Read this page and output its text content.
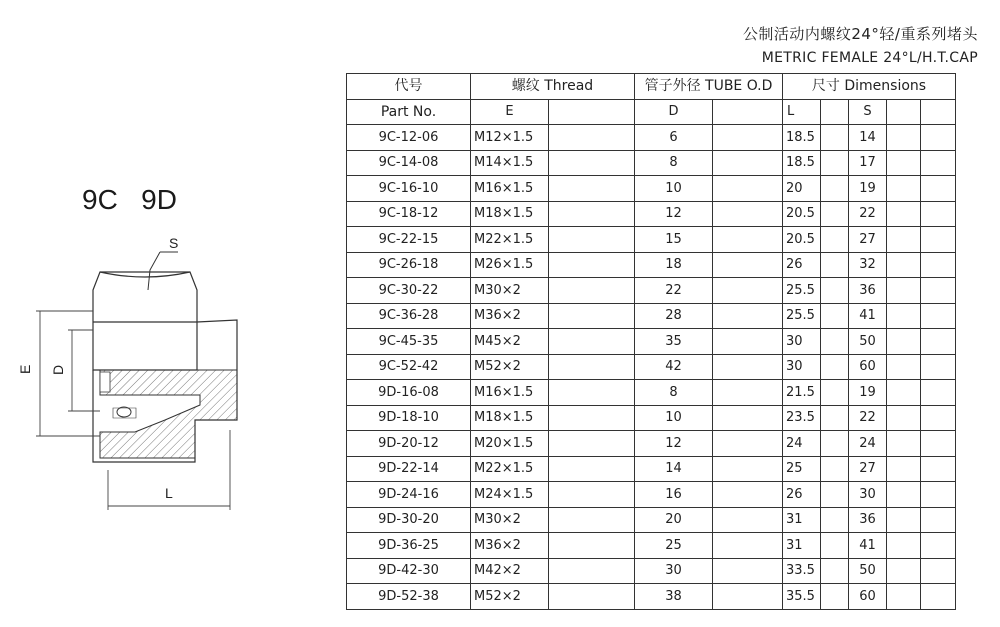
公制活动内螺纹24°轻/重系列堵头
METRIC FEMALE 24°L/H.T.CAP
9C   9D
S
E D
L
代号	螺纹 Thread		管子外径 TUBE O.D		尺寸 Dimensions				
Part No.	E		D		L		S		
9C-12-06	M12×1.5		6		18.5		14		
9C-14-08	M14×1.5		8		18.5		17		
9C-16-10	M16×1.5		10		20		19		
9C-18-12	M18×1.5		12		20.5		22		
9C-22-15	M22×1.5		15		20.5		27		
9C-26-18	M26×1.5		18		26		32		
9C-30-22	M30×2		22		25.5		36		
9C-36-28	M36×2		28		25.5		41		
9C-45-35	M45×2		35		30		50		
9C-52-42	M52×2		42		30		60		
9D-16-08	M16×1.5		8		21.5		19		
9D-18-10	M18×1.5		10		23.5		22		
9D-20-12	M20×1.5		12		24		24		
9D-22-14	M22×1.5		14		25		27		
9D-24-16	M24×1.5		16		26		30		
9D-30-20	M30×2		20		31		36		
9D-36-25	M36×2		25		31		41		
9D-42-30	M42×2		30		33.5		50		
9D-52-38	M52×2		38		35.5		60		
